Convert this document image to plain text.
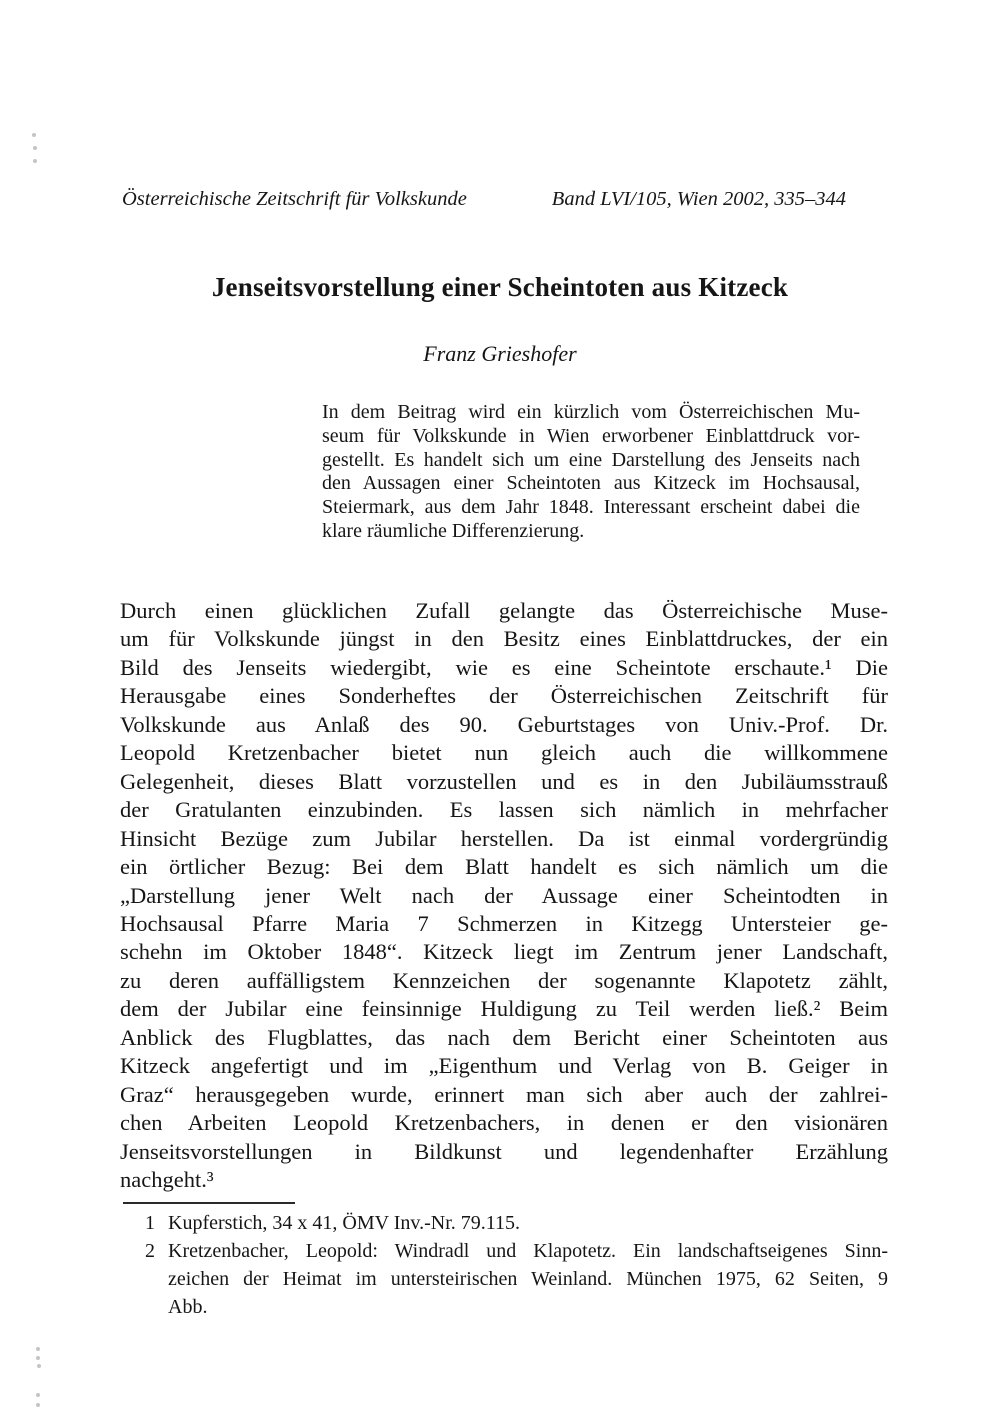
Österreichische Zeitschrift für Volkskunde	Band LVI/105, Wien 2002, 335–344
Jenseitsvorstellung einer Scheintoten aus Kitzeck
Franz Grieshofer
In dem Beitrag wird ein kürzlich vom Österreichischen Mu-
seum für Volkskunde in Wien erworbener Einblattdruck vor-
gestellt. Es handelt sich um eine Darstellung des Jenseits nach
den Aussagen einer Scheintoten aus Kitzeck im Hochsausal,
Steiermark, aus dem Jahr 1848. Interessant erscheint dabei die
klare räumliche Differenzierung.
Durch einen glücklichen Zufall gelangte das Österreichische Muse-
um für Volkskunde jüngst in den Besitz eines Einblattdruckes, der ein
Bild des Jenseits wiedergibt, wie es eine Scheintote erschaute.¹ Die
Herausgabe eines Sonderheftes der Österreichischen Zeitschrift für
Volkskunde aus Anlaß des 90. Geburtstages von Univ.-Prof. Dr.
Leopold Kretzenbacher bietet nun gleich auch die willkommene
Gelegenheit, dieses Blatt vorzustellen und es in den Jubiläumsstrauß
der Gratulanten einzubinden. Es lassen sich nämlich in mehrfacher
Hinsicht Bezüge zum Jubilar herstellen. Da ist einmal vordergründig
ein örtlicher Bezug: Bei dem Blatt handelt es sich nämlich um die
„Darstellung jener Welt nach der Aussage einer Scheintodten in
Hochsausal Pfarre Maria 7 Schmerzen in Kitzegg Untersteier ge-
schehn im Oktober 1848“. Kitzeck liegt im Zentrum jener Landschaft,
zu deren auffälligstem Kennzeichen der sogenannte Klapotetz zählt,
dem der Jubilar eine feinsinnige Huldigung zu Teil werden ließ.² Beim
Anblick des Flugblattes, das nach dem Bericht einer Scheintoten aus
Kitzeck angefertigt und im „Eigenthum und Verlag von B. Geiger in
Graz“ herausgegeben wurde, erinnert man sich aber auch der zahlrei-
chen Arbeiten Leopold Kretzenbachers, in denen er den visionären
Jenseitsvorstellungen in Bildkunst und legendenhafter Erzählung
nachgeht.³
1 Kupferstich, 34 x 41, ÖMV Inv.-Nr. 79.115.
2 Kretzenbacher, Leopold: Windradl und Klapotetz. Ein landschaftseigenes Sinn-
zeichen der Heimat im untersteirischen Weinland. München 1975, 62 Seiten, 9
Abb.
